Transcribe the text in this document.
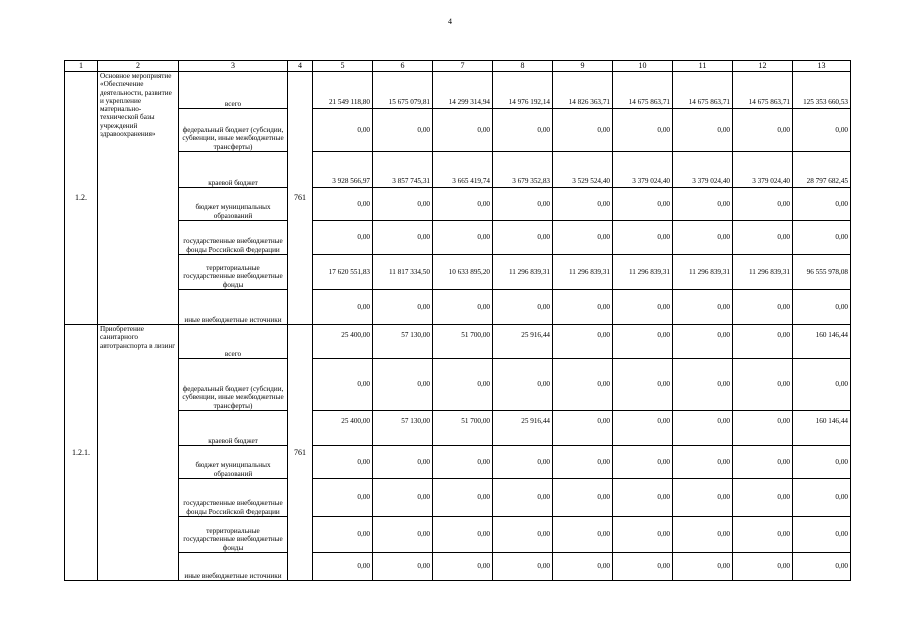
4
1	2	3	4	5	6	7	8	9	10	11	12	13
1.2.	Основное мероприятие «Обеспечение деятельности, развитие и укрепление материально-технической базы учреждений здравоохранения»	всего	761	21 549 118,80	15 675 079,81	14 299 314,94	14 976 192,14	14 826 363,71	14 675 863,71	14 675 863,71	14 675 863,71	125 353 660,53
		федеральный бюджет (субсидии, субвенции, иные межбюджетные трансферты)		0,00	0,00	0,00	0,00	0,00	0,00	0,00	0,00	0,00
		краевой бюджет		3 928 566,97	3 857 745,31	3 665 419,74	3 679 352,83	3 529 524,40	3 379 024,40	3 379 024,40	3 379 024,40	28 797 682,45
		бюджет муниципальных образований		0,00	0,00	0,00	0,00	0,00	0,00	0,00	0,00	0,00
		государственные внебюджетные фонды Российской Федерации		0,00	0,00	0,00	0,00	0,00	0,00	0,00	0,00	0,00
		территориальные государственные внебюджетные фонды		17 620 551,83	11 817 334,50	10 633 895,20	11 296 839,31	11 296 839,31	11 296 839,31	11 296 839,31	11 296 839,31	96 555 978,08
		иные внебюджетные источники		0,00	0,00	0,00	0,00	0,00	0,00	0,00	0,00	0,00
1.2.1.	Приобретение санитарного автотранспорта в лизинг	всего	761	25 400,00	57 130,00	51 700,00	25 916,44	0,00	0,00	0,00	0,00	160 146,44
		федеральный бюджет (субсидии, субвенции, иные межбюджетные трансферты)		0,00	0,00	0,00	0,00	0,00	0,00	0,00	0,00	0,00
		краевой бюджет		25 400,00	57 130,00	51 700,00	25 916,44	0,00	0,00	0,00	0,00	160 146,44
		бюджет муниципальных образований		0,00	0,00	0,00	0,00	0,00	0,00	0,00	0,00	0,00
		государственные внебюджетные фонды Российской Федерации		0,00	0,00	0,00	0,00	0,00	0,00	0,00	0,00	0,00
		территориальные государственные внебюджетные фонды		0,00	0,00	0,00	0,00	0,00	0,00	0,00	0,00	0,00
		иные внебюджетные источники		0,00	0,00	0,00	0,00	0,00	0,00	0,00	0,00	0,00
